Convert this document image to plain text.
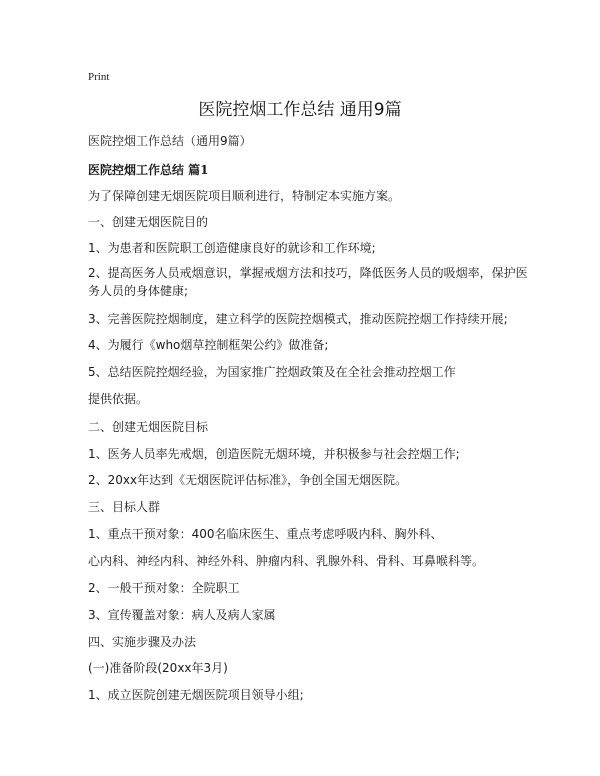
Print
医院控烟工作总结 通用9篇
医院控烟工作总结（通用9篇）
医院控烟工作总结 篇1
为了保障创建无烟医院项目顺利进行，特制定本实施方案。
一、创建无烟医院目的
1、为患者和医院职工创造健康良好的就诊和工作环境;
2、提高医务人员戒烟意识，掌握戒烟方法和技巧，降低医务人员的吸烟率，保护医务人员的身体健康;
3、完善医院控烟制度，建立科学的医院控烟模式，推动医院控烟工作持续开展;
4、为履行《who烟草控制框架公约》做准备;
5、总结医院控烟经验，为国家推广控烟政策及在全社会推动控烟工作
提供依据。
二、创建无烟医院目标
1、医务人员率先戒烟，创造医院无烟环境，并积极参与社会控烟工作;
2、20xx年达到《无烟医院评估标准》，争创全国无烟医院。
三、目标人群
1、重点干预对象：400名临床医生、重点考虑呼吸内科、胸外科、
心内科、神经内科、神经外科、肿瘤内科、乳腺外科、骨科、耳鼻喉科等。
2、一般干预对象：全院职工
3、宣传覆盖对象：病人及病人家属
四、实施步骤及办法
(一)准备阶段(20xx年3月)
1、成立医院创建无烟医院项目领导小组;
